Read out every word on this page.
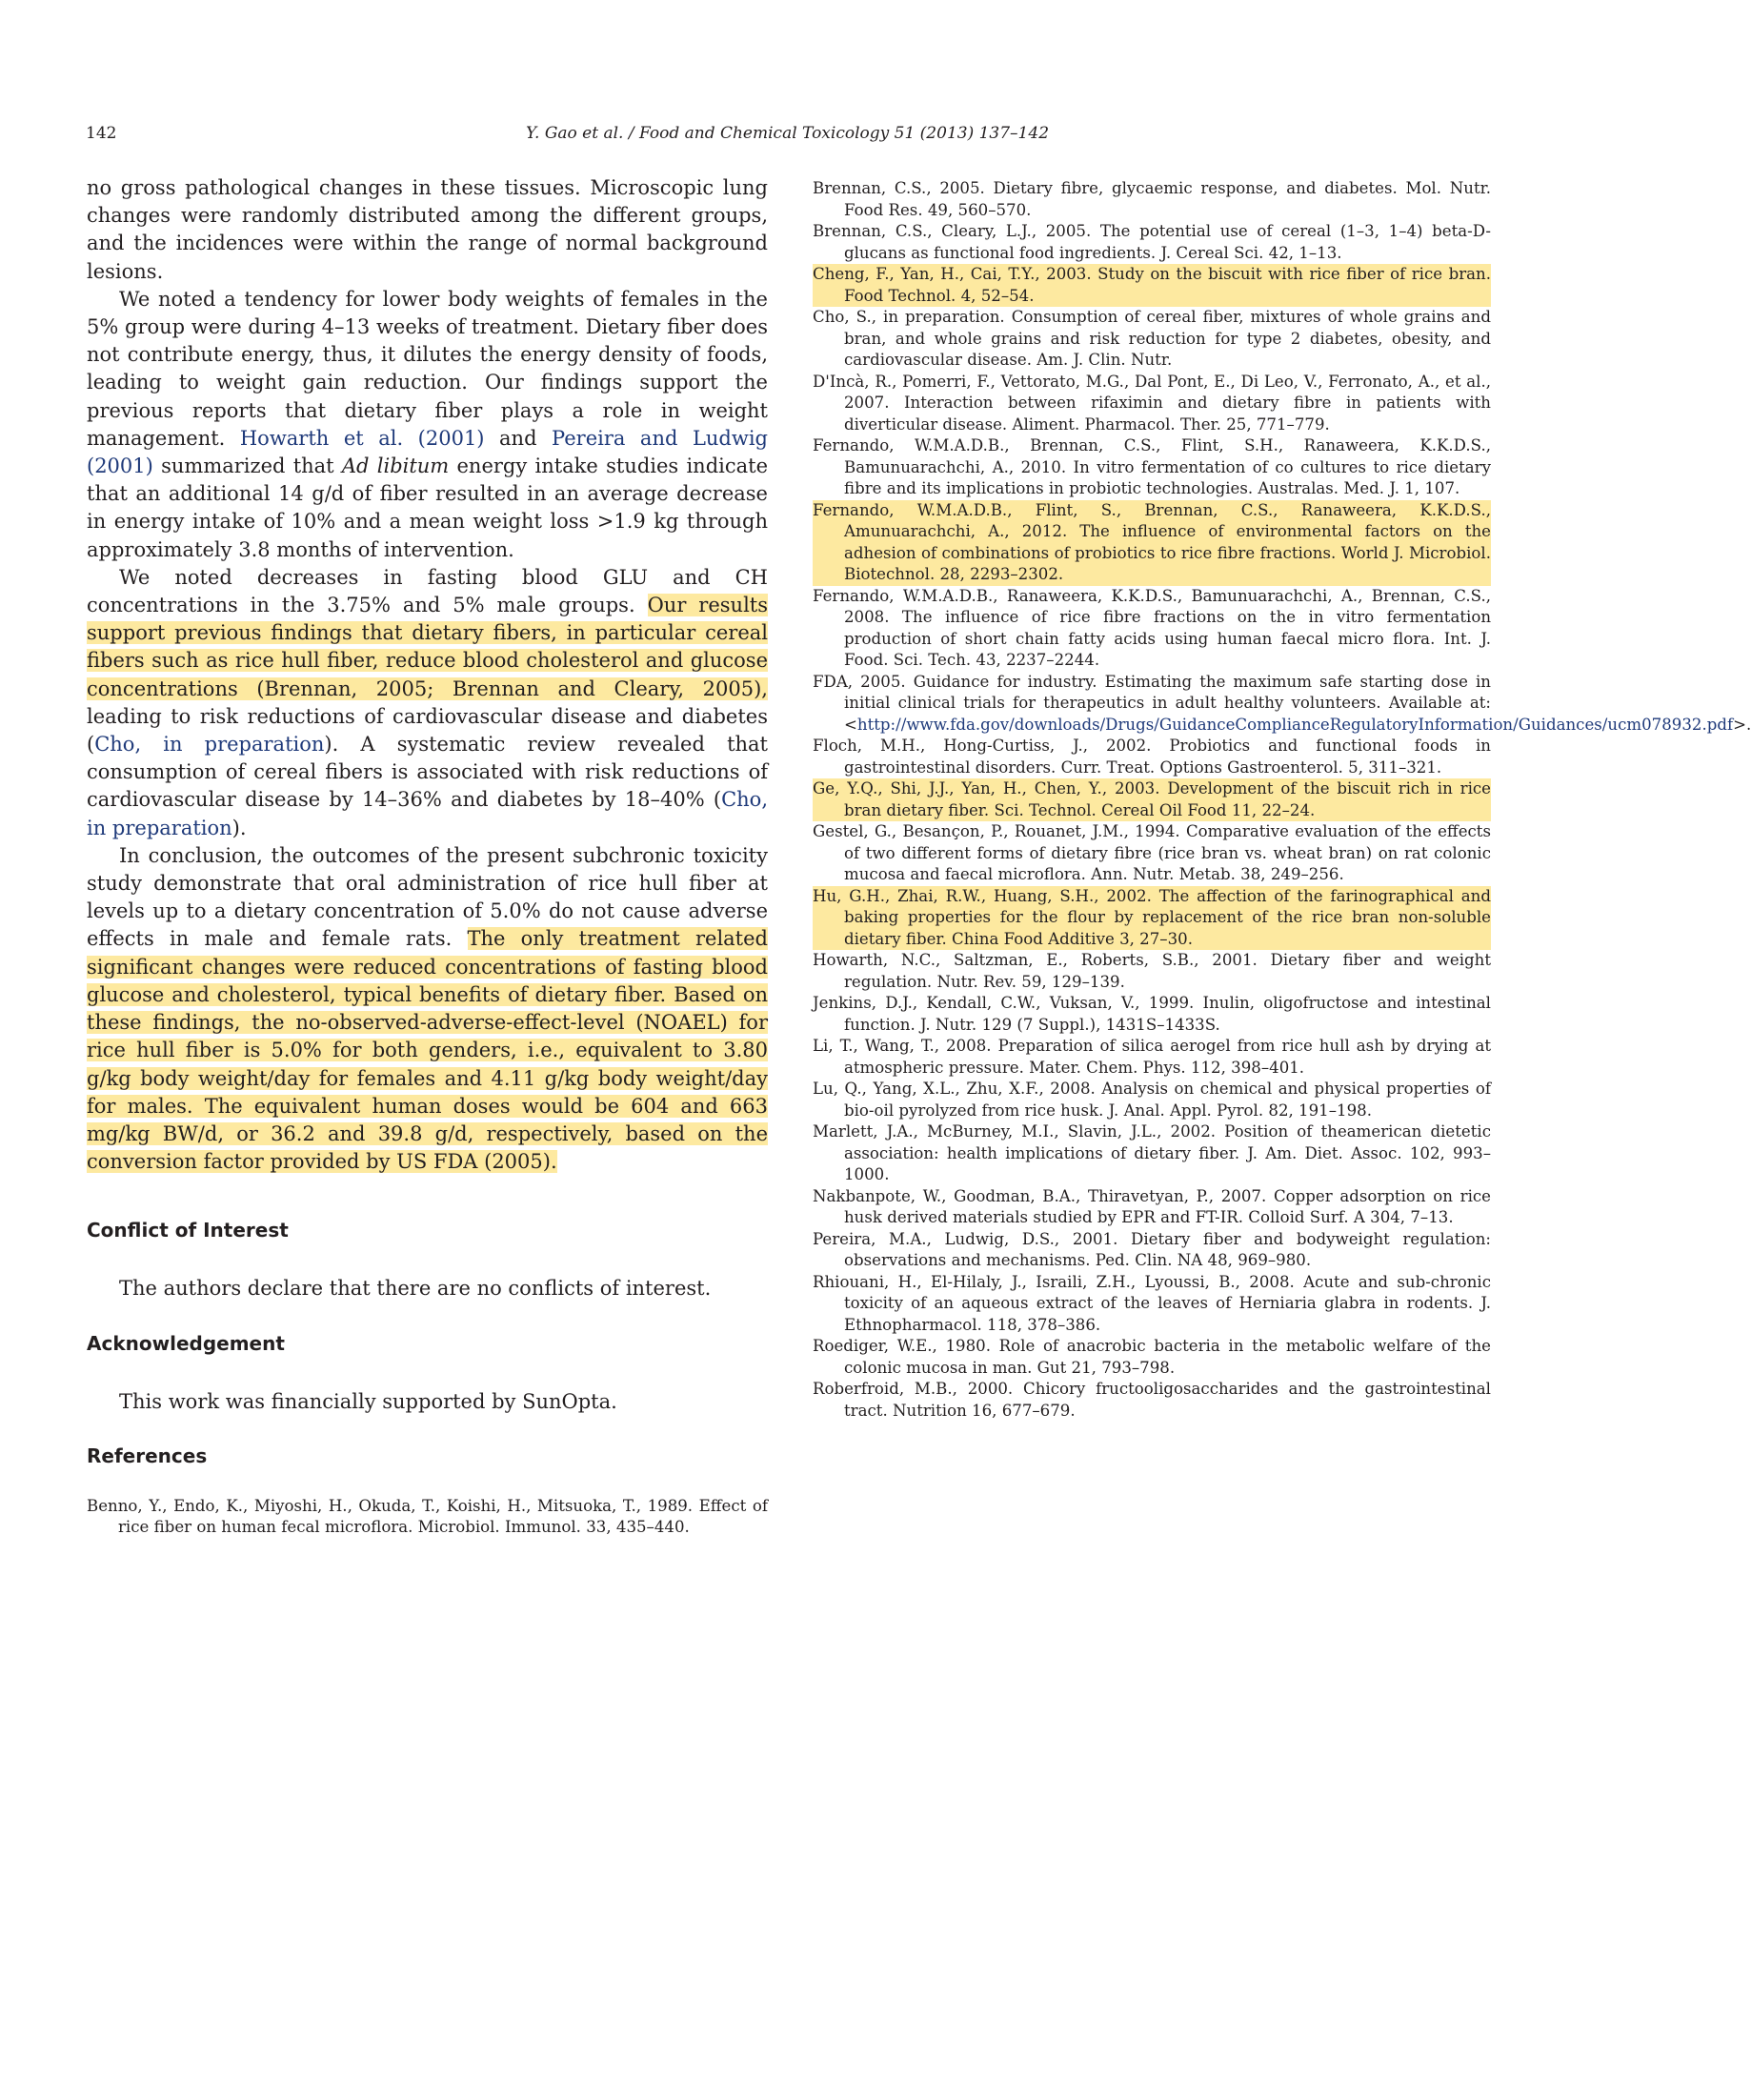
142	Y. Gao et al. / Food and Chemical Toxicology 51 (2013) 137–142

no gross pathological changes in these tissues. Microscopic lung changes were randomly distributed among the different groups, and the incidences were within the range of normal background lesions.

We noted a tendency for lower body weights of females in the 5% group were during 4–13 weeks of treatment. Dietary fiber does not contribute energy, thus, it dilutes the energy density of foods, leading to weight gain reduction. Our findings support the previous reports that dietary fiber plays a role in weight management. Howarth et al. (2001) and Pereira and Ludwig (2001) summarized that Ad libitum energy intake studies indicate that an additional 14 g/d of fiber resulted in an average decrease in energy intake of 10% and a mean weight loss >1.9 kg through approximately 3.8 months of intervention.

We noted decreases in fasting blood GLU and CH concentrations in the 3.75% and 5% male groups. Our results support previous findings that dietary fibers, in particular cereal fibers such as rice hull fiber, reduce blood cholesterol and glucose concentrations (Brennan, 2005; Brennan and Cleary, 2005), leading to risk reductions of cardiovascular disease and diabetes (Cho, in preparation). A systematic review revealed that consumption of cereal fibers is associated with risk reductions of cardiovascular disease by 14–36% and diabetes by 18–40% (Cho, in preparation).

In conclusion, the outcomes of the present subchronic toxicity study demonstrate that oral administration of rice hull fiber at levels up to a dietary concentration of 5.0% do not cause adverse effects in male and female rats. The only treatment related significant changes were reduced concentrations of fasting blood glucose and cholesterol, typical benefits of dietary fiber. Based on these findings, the no-observed-adverse-effect-level (NOAEL) for rice hull fiber is 5.0% for both genders, i.e., equivalent to 3.80 g/kg body weight/day for females and 4.11 g/kg body weight/day for males. The equivalent human doses would be 604 and 663 mg/kg BW/d, or 36.2 and 39.8 g/d, respectively, based on the conversion factor provided by US FDA (2005).

Conflict of Interest

The authors declare that there are no conflicts of interest.

Acknowledgement

This work was financially supported by SunOpta.

References

Benno, Y., Endo, K., Miyoshi, H., Okuda, T., Koishi, H., Mitsuoka, T., 1989. Effect of rice fiber on human fecal microflora. Microbiol. Immunol. 33, 435–440.

Brennan, C.S., 2005. Dietary fibre, glycaemic response, and diabetes. Mol. Nutr. Food Res. 49, 560–570.

Brennan, C.S., Cleary, L.J., 2005. The potential use of cereal (1–3, 1–4) beta-D-glucans as functional food ingredients. J. Cereal Sci. 42, 1–13.

Cheng, F., Yan, H., Cai, T.Y., 2003. Study on the biscuit with rice fiber of rice bran. Food Technol. 4, 52–54.

Cho, S., in preparation. Consumption of cereal fiber, mixtures of whole grains and bran, and whole grains and risk reduction for type 2 diabetes, obesity, and cardiovascular disease. Am. J. Clin. Nutr.

D'Incà, R., Pomerri, F., Vettorato, M.G., Dal Pont, E., Di Leo, V., Ferronato, A., et al., 2007. Interaction between rifaximin and dietary fibre in patients with diverticular disease. Aliment. Pharmacol. Ther. 25, 771–779.

Fernando, W.M.A.D.B., Brennan, C.S., Flint, S.H., Ranaweera, K.K.D.S., Bamunuarachchi, A., 2010. In vitro fermentation of co cultures to rice dietary fibre and its implications in probiotic technologies. Australas. Med. J. 1, 107.

Fernando, W.M.A.D.B., Flint, S., Brennan, C.S., Ranaweera, K.K.D.S., Amunuarachchi, A., 2012. The influence of environmental factors on the adhesion of combinations of probiotics to rice fibre fractions. World J. Microbiol. Biotechnol. 28, 2293–2302.

Fernando, W.M.A.D.B., Ranaweera, K.K.D.S., Bamunuarachchi, A., Brennan, C.S., 2008. The influence of rice fibre fractions on the in vitro fermentation production of short chain fatty acids using human faecal micro flora. Int. J. Food. Sci. Tech. 43, 2237–2244.

FDA, 2005. Guidance for industry. Estimating the maximum safe starting dose in initial clinical trials for therapeutics in adult healthy volunteers. Available at: <http://www.fda.gov/downloads/Drugs/GuidanceComplianceRegulatoryInformation/Guidances/ucm078932.pdf>.

Floch, M.H., Hong-Curtiss, J., 2002. Probiotics and functional foods in gastrointestinal disorders. Curr. Treat. Options Gastroenterol. 5, 311–321.

Ge, Y.Q., Shi, J.J., Yan, H., Chen, Y., 2003. Development of the biscuit rich in rice bran dietary fiber. Sci. Technol. Cereal Oil Food 11, 22–24.

Gestel, G., Besançon, P., Rouanet, J.M., 1994. Comparative evaluation of the effects of two different forms of dietary fibre (rice bran vs. wheat bran) on rat colonic mucosa and faecal microflora. Ann. Nutr. Metab. 38, 249–256.

Hu, G.H., Zhai, R.W., Huang, S.H., 2002. The affection of the farinographical and baking properties for the flour by replacement of the rice bran non-soluble dietary fiber. China Food Additive 3, 27–30.

Howarth, N.C., Saltzman, E., Roberts, S.B., 2001. Dietary fiber and weight regulation. Nutr. Rev. 59, 129–139.

Jenkins, D.J., Kendall, C.W., Vuksan, V., 1999. Inulin, oligofructose and intestinal function. J. Nutr. 129 (7 Suppl.), 1431S–1433S.

Li, T., Wang, T., 2008. Preparation of silica aerogel from rice hull ash by drying at atmospheric pressure. Mater. Chem. Phys. 112, 398–401.

Lu, Q., Yang, X.L., Zhu, X.F., 2008. Analysis on chemical and physical properties of bio-oil pyrolyzed from rice husk. J. Anal. Appl. Pyrol. 82, 191–198.

Marlett, J.A., McBurney, M.I., Slavin, J.L., 2002. Position of theamerican dietetic association: health implications of dietary fiber. J. Am. Diet. Assoc. 102, 993–1000.

Nakbanpote, W., Goodman, B.A., Thiravetyan, P., 2007. Copper adsorption on rice husk derived materials studied by EPR and FT-IR. Colloid Surf. A 304, 7–13.

Pereira, M.A., Ludwig, D.S., 2001. Dietary fiber and bodyweight regulation: observations and mechanisms. Ped. Clin. NA 48, 969–980.

Rhiouani, H., El-Hilaly, J., Israili, Z.H., Lyoussi, B., 2008. Acute and sub-chronic toxicity of an aqueous extract of the leaves of Herniaria glabra in rodents. J. Ethnopharmacol. 118, 378–386.

Roediger, W.E., 1980. Role of anacrobic bacteria in the metabolic welfare of the colonic mucosa in man. Gut 21, 793–798.

Roberfroid, M.B., 2000. Chicory fructooligosaccharides and the gastrointestinal tract. Nutrition 16, 677–679.
